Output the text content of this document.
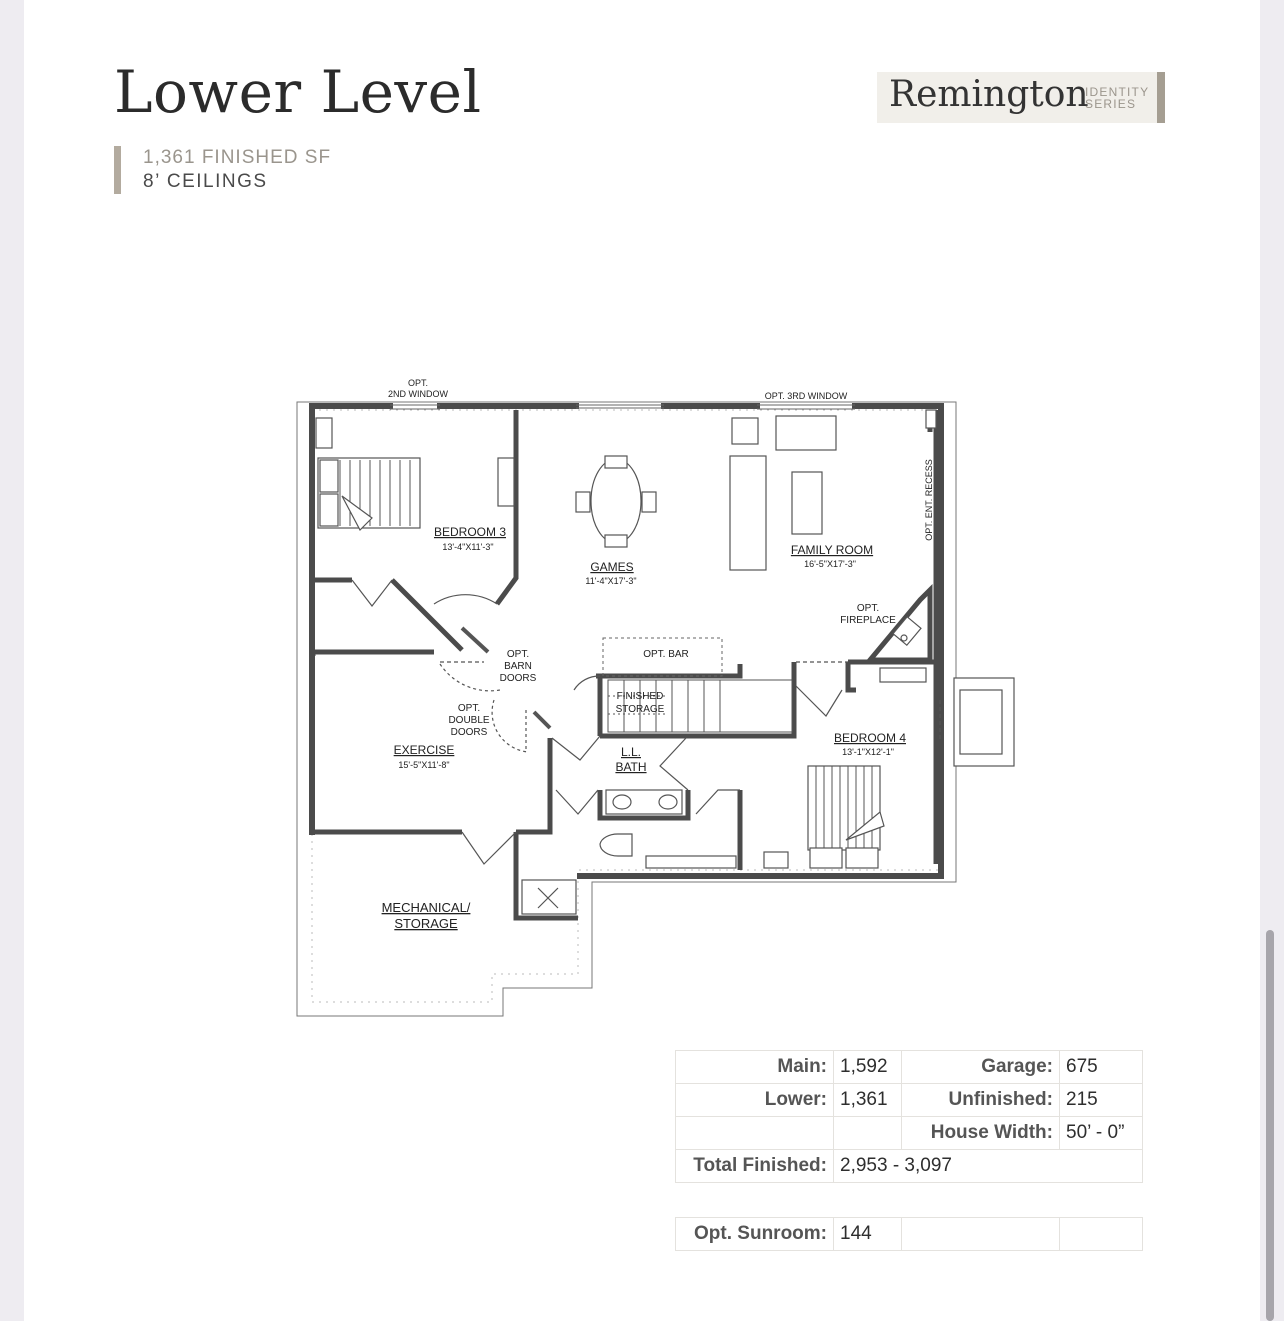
Lower Level
1,361 FINISHED SF
8’ CEILINGS
Remington
IDENTITY
SERIES
OPT.
2ND WINDOW	OPT. 3RD WINDOW
BEDROOM 3
13'-4"X11'-3"
GAMES
11'-4"X17'-3"
FAMILY ROOM
16'-5"X17'-3"
OPT. ENT. RECESS
OPT.
FIREPLACE
OPT. BAR
OPT.
BARN
DOORS
FINISHED
STORAGE
OPT.
DOUBLE
DOORS
EXERCISE
15'-5"X11'-8"
L.L.
BATH
BEDROOM 4
13'-1"X12'-1"
MECHANICAL/
STORAGE
Main:	1,592	Garage:	675
Lower:	1,361	Unfinished:	215
		House Width:	50’ - 0”
Total Finished:	2,953 - 3,097		
Opt. Sunroom:	144		
